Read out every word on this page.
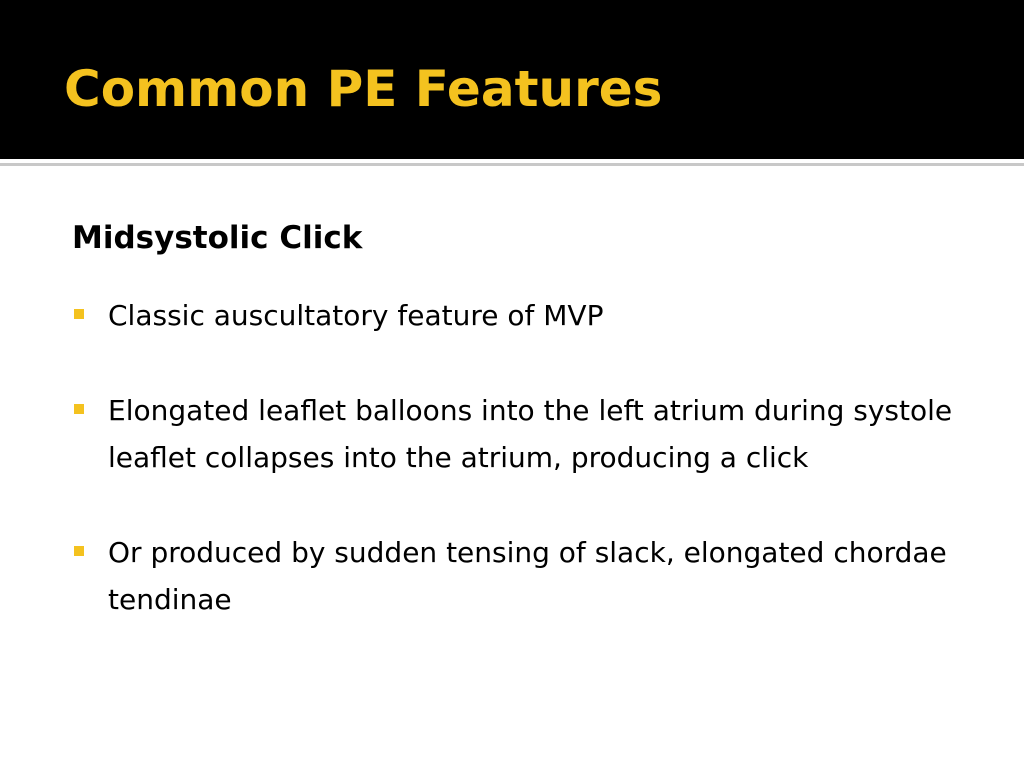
Common PE Features
Midsystolic Click
Classic auscultatory feature of MVP
Elongated leaflet balloons into the left atrium during systole leaflet collapses into the atrium, producing a click
Or produced by sudden tensing of slack, elongated chordae tendinae
